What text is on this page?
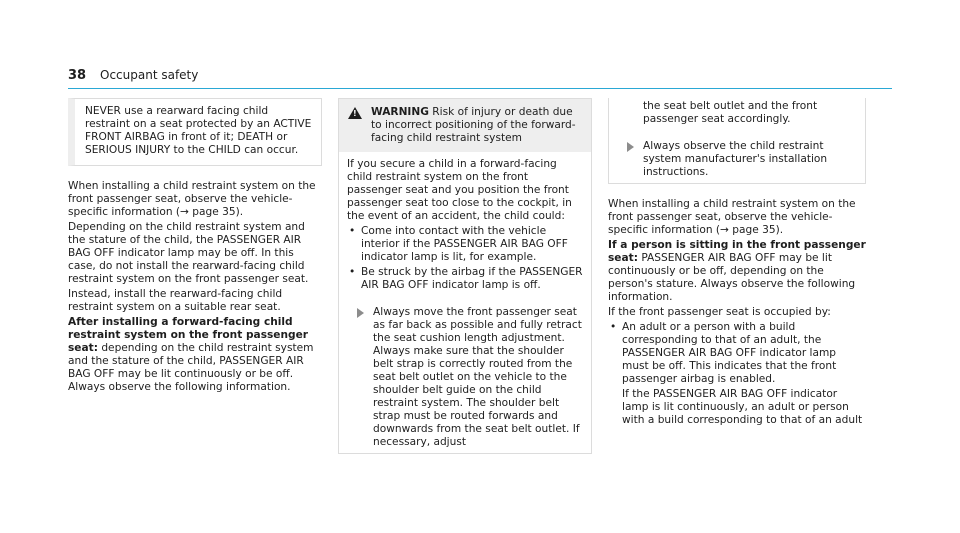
38 Occupant safety
NEVER use a rearward facing child restraint on a seat protected by an ACTIVE FRONT AIRBAG in front of it; DEATH or SERIOUS INJURY to the CHILD can occur.

When installing a child restraint system on the front passenger seat, observe the vehicle-specific information (→ page 35).

Depending on the child restraint system and the stature of the child, the PASSENGER AIR BAG OFF indicator lamp may be off. In this case, do not install the rearward-facing child restraint system on the front passenger seat.

Instead, install the rearward-facing child restraint system on a suitable rear seat.

After installing a forward-facing child restraint system on the front passenger seat: depending on the child restraint system and the stature of the child, PASSENGER AIR BAG OFF may be lit continuously or be off. Always observe the following information.

! WARNING Risk of injury or death due to incorrect positioning of the forward-facing child restraint system

If you secure a child in a forward-facing child restraint system on the front passenger seat and you position the front passenger seat too close to the cockpit, in the event of an accident, the child could:

• Come into contact with the vehicle interior if the PASSENGER AIR BAG OFF indicator lamp is lit, for example.
• Be struck by the airbag if the PASSENGER AIR BAG OFF indicator lamp is off.
Always move the front passenger seat as far back as possible and fully retract the seat cushion length adjustment. Always make sure that the shoulder belt strap is correctly routed from the seat belt outlet on the vehicle to the shoulder belt guide on the child restraint system. The shoulder belt strap must be routed forwards and downwards from the seat belt outlet. If necessary, adjust

the seat belt outlet and the front passenger seat accordingly.

Always observe the child restraint system manufacturer's installation instructions.

When installing a child restraint system on the front passenger seat, observe the vehicle-specific information (→ page 35).

If a person is sitting in the front passenger seat: PASSENGER AIR BAG OFF may be lit continuously or be off, depending on the person's stature. Always observe the following information.

If the front passenger seat is occupied by:

• An adult or a person with a build corresponding to that of an adult, the PASSENGER AIR BAG OFF indicator lamp must be off. This indicates that the front passenger airbag is enabled.

If the PASSENGER AIR BAG OFF indicator lamp is lit continuously, an adult or person with a build corresponding to that of an adult
